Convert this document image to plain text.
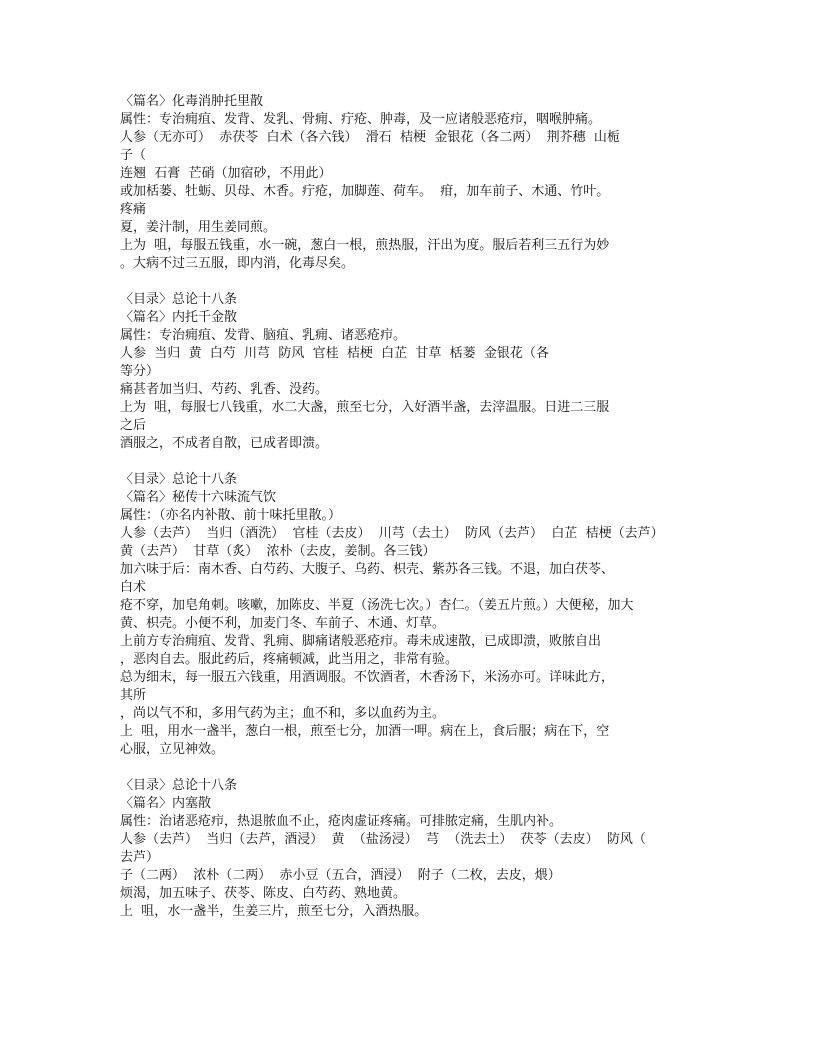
〈篇名〉化毒消肿托里散
属性：专治痈疽、发背、发乳、骨痈、疔疮、肿毒，及一应诸般恶疮疖，咽喉肿痛。
人参（无亦可）  赤茯苓  白术（各六钱）  滑石  桔梗  金银花（各二两）  荆芥穗  山栀
子（
连翘  石膏  芒硝（加宿砂，不用此）
或加栝蒌、牡蛎、贝母、木香。疔疮，加脚莲、荷车。  疳，加车前子、木通、竹叶。
疼痛
夏，姜汁制，用生姜同煎。
上为  咀，每服五钱重，水一碗，葱白一根，煎热服，汗出为度。服后若利三五行为妙
。大病不过三五服，即内消，化毒尽矣。
〈目录〉总论十八条
〈篇名〉内托千金散
属性：专治痈疽、发背、脑疽、乳痈、诸恶疮疖。
人参  当归  黄  白芍  川芎  防风  官桂  桔梗  白芷  甘草  栝蒌  金银花（各
等分）
痛甚者加当归、芍药、乳香、没药。
上为  咀，每服七八钱重，水二大盏，煎至七分，入好酒半盏，去滓温服。日进二三服
之后
酒服之，不成者自散，已成者即溃。
〈目录〉总论十八条
〈篇名〉秘传十六味流气饮
属性：（亦名内补散、前十味托里散。）
人参（去芦）  当归（酒洗）  官桂（去皮）  川芎（去土）  防风（去芦）  白芷  桔梗（去芦）
黄（去芦）  甘草（炙）  浓朴（去皮，姜制。各三钱）
加六味于后：南木香、白芍药、大腹子、乌药、枳壳、紫苏各三钱。不退，加白茯苓、
白术
疮不穿，加皂角刺。咳嗽，加陈皮、半夏（汤洗七次。）杏仁。（姜五片煎。）大便秘，加大
黄、枳壳。小便不利，加麦门冬、车前子、木通、灯草。
上前方专治痈疽、发背、乳痈、脚痛诸般恶疮疖。毒未成速散，已成即溃，败脓自出
，恶肉自去。服此药后，疼痛顿减，此当用之，非常有验。
总为细末，每一服五六钱重，用酒调服。不饮酒者，木香汤下，米汤亦可。详味此方，
其所
，尚以气不和，多用气药为主；血不和，多以血药为主。
上  咀，用水一盏半，葱白一根，煎至七分，加酒一呷。病在上，食后服；病在下，空
心服，立见神效。
〈目录〉总论十八条
〈篇名〉内塞散
属性：治诸恶疮疖，热退脓血不止，疮肉虚证疼痛。可排脓定痛，生肌内补。
人参（去芦）  当归（去芦，酒浸）  黄  （盐汤浸）  芎  （洗去土）  茯苓（去皮）  防风（
去芦）
子（二两）  浓朴（二两）  赤小豆（五合，酒浸）  附子（二枚，去皮，煨）
烦渴，加五味子、茯苓、陈皮、白芍药、熟地黄。
上  咀，水一盏半，生姜三片，煎至七分，入酒热服。
